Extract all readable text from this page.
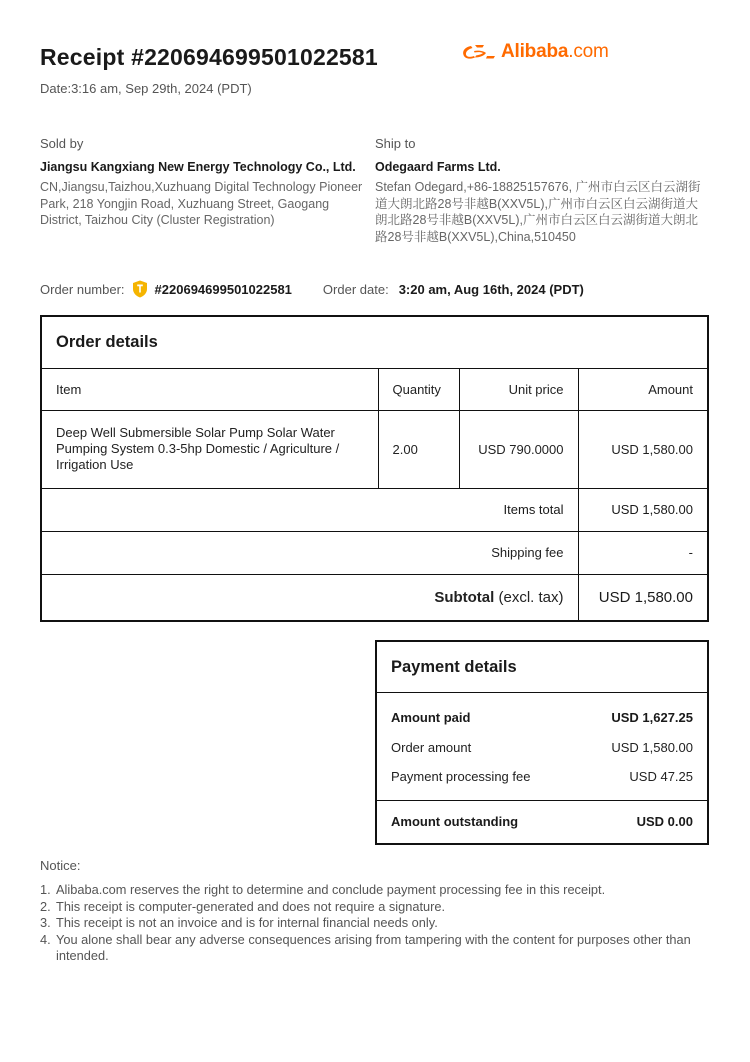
Receipt #220694699501022581
Date:3:16 am, Sep 29th, 2024 (PDT)
Alibaba.com
Sold by
Jiangsu Kangxiang New Energy Technology Co., Ltd.
CN,Jiangsu,Taizhou,Xuzhuang Digital Technology Pioneer Park, 218 Yongjin Road, Xuzhuang Street, Gaogang District, Taizhou City (Cluster Registration)
Ship to
Odegaard Farms Ltd.
Stefan Odegard,+86-18825157676, 广州市白云区白云湖街道大朗北路28号非越B(XXV5L),广州市白云区白云湖街道大朗北路28号非越B(XXV5L),广州市白云区白云湖街道大朗北路28号非越B(XXV5L),China,510450
Order number: #220694699501022581 Order date: 3:20 am, Aug 16th, 2024 (PDT)
Order details			
Item	Quantity	Unit price	Amount
Deep Well Submersible Solar Pump Solar Water Pumping System 0.3-5hp Domestic / Agriculture / Irrigation Use	2.00	USD 790.0000	USD 1,580.00
Items total			USD 1,580.00
Shipping fee			-
Subtotal (excl. tax)			USD 1,580.00
Payment details
Amount paid	USD 1,627.25
Order amount	USD 1,580.00
Payment processing fee	USD 47.25
Amount outstanding	USD 0.00
Notice:
1. Alibaba.com reserves the right to determine and conclude payment processing fee in this receipt.
2. This receipt is computer-generated and does not require a signature.
3. This receipt is not an invoice and is for internal financial needs only.
4. You alone shall bear any adverse consequences arising from tampering with the content for purposes other than intended.
